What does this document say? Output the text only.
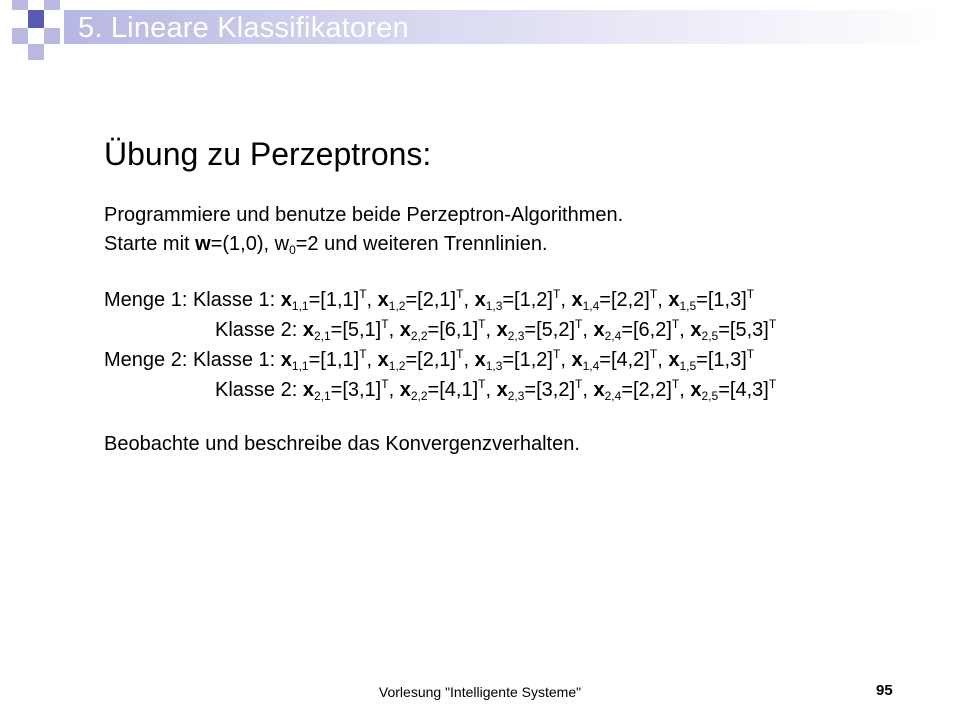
5. Lineare Klassifikatoren
Übung zu Perzeptrons:
Programmiere und benutze beide Perzeptron-Algorithmen.
Starte mit w=(1,0), $w_0=2$ und weiteren Trennlinien.
Menge 1: Klasse 1: $x_{1,1}=[1,1]^T$, $x_{1,2}=[2,1]^T$, $x_{1,3}=[1,2]^T$, $x_{1,4}=[2,2]^T$, $x_{1,5}=[1,3]^T$
Klasse 2: $x_{2,1}=[5,1]^T$, $x_{2,2}=[6,1]^T$, $x_{2,3}=[5,2]^T$, $x_{2,4}=[6,2]^T$, $x_{2,5}=[5,3]^T$
Menge 2: Klasse 1: $x_{1,1}=[1,1]^T$, $x_{1,2}=[2,1]^T$, $x_{1,3}=[1,2]^T$, $x_{1,4}=[4,2]^T$, $x_{1,5}=[1,3]^T$
Klasse 2: $x_{2,1}=[3,1]^T$, $x_{2,2}=[4,1]^T$, $x_{2,3}=[3,2]^T$, $x_{2,4}=[2,2]^T$, $x_{2,5}=[4,3]^T$
Beobachte und beschreibe das Konvergenzverhalten.
Vorlesung "Intelligente Systeme"	95
